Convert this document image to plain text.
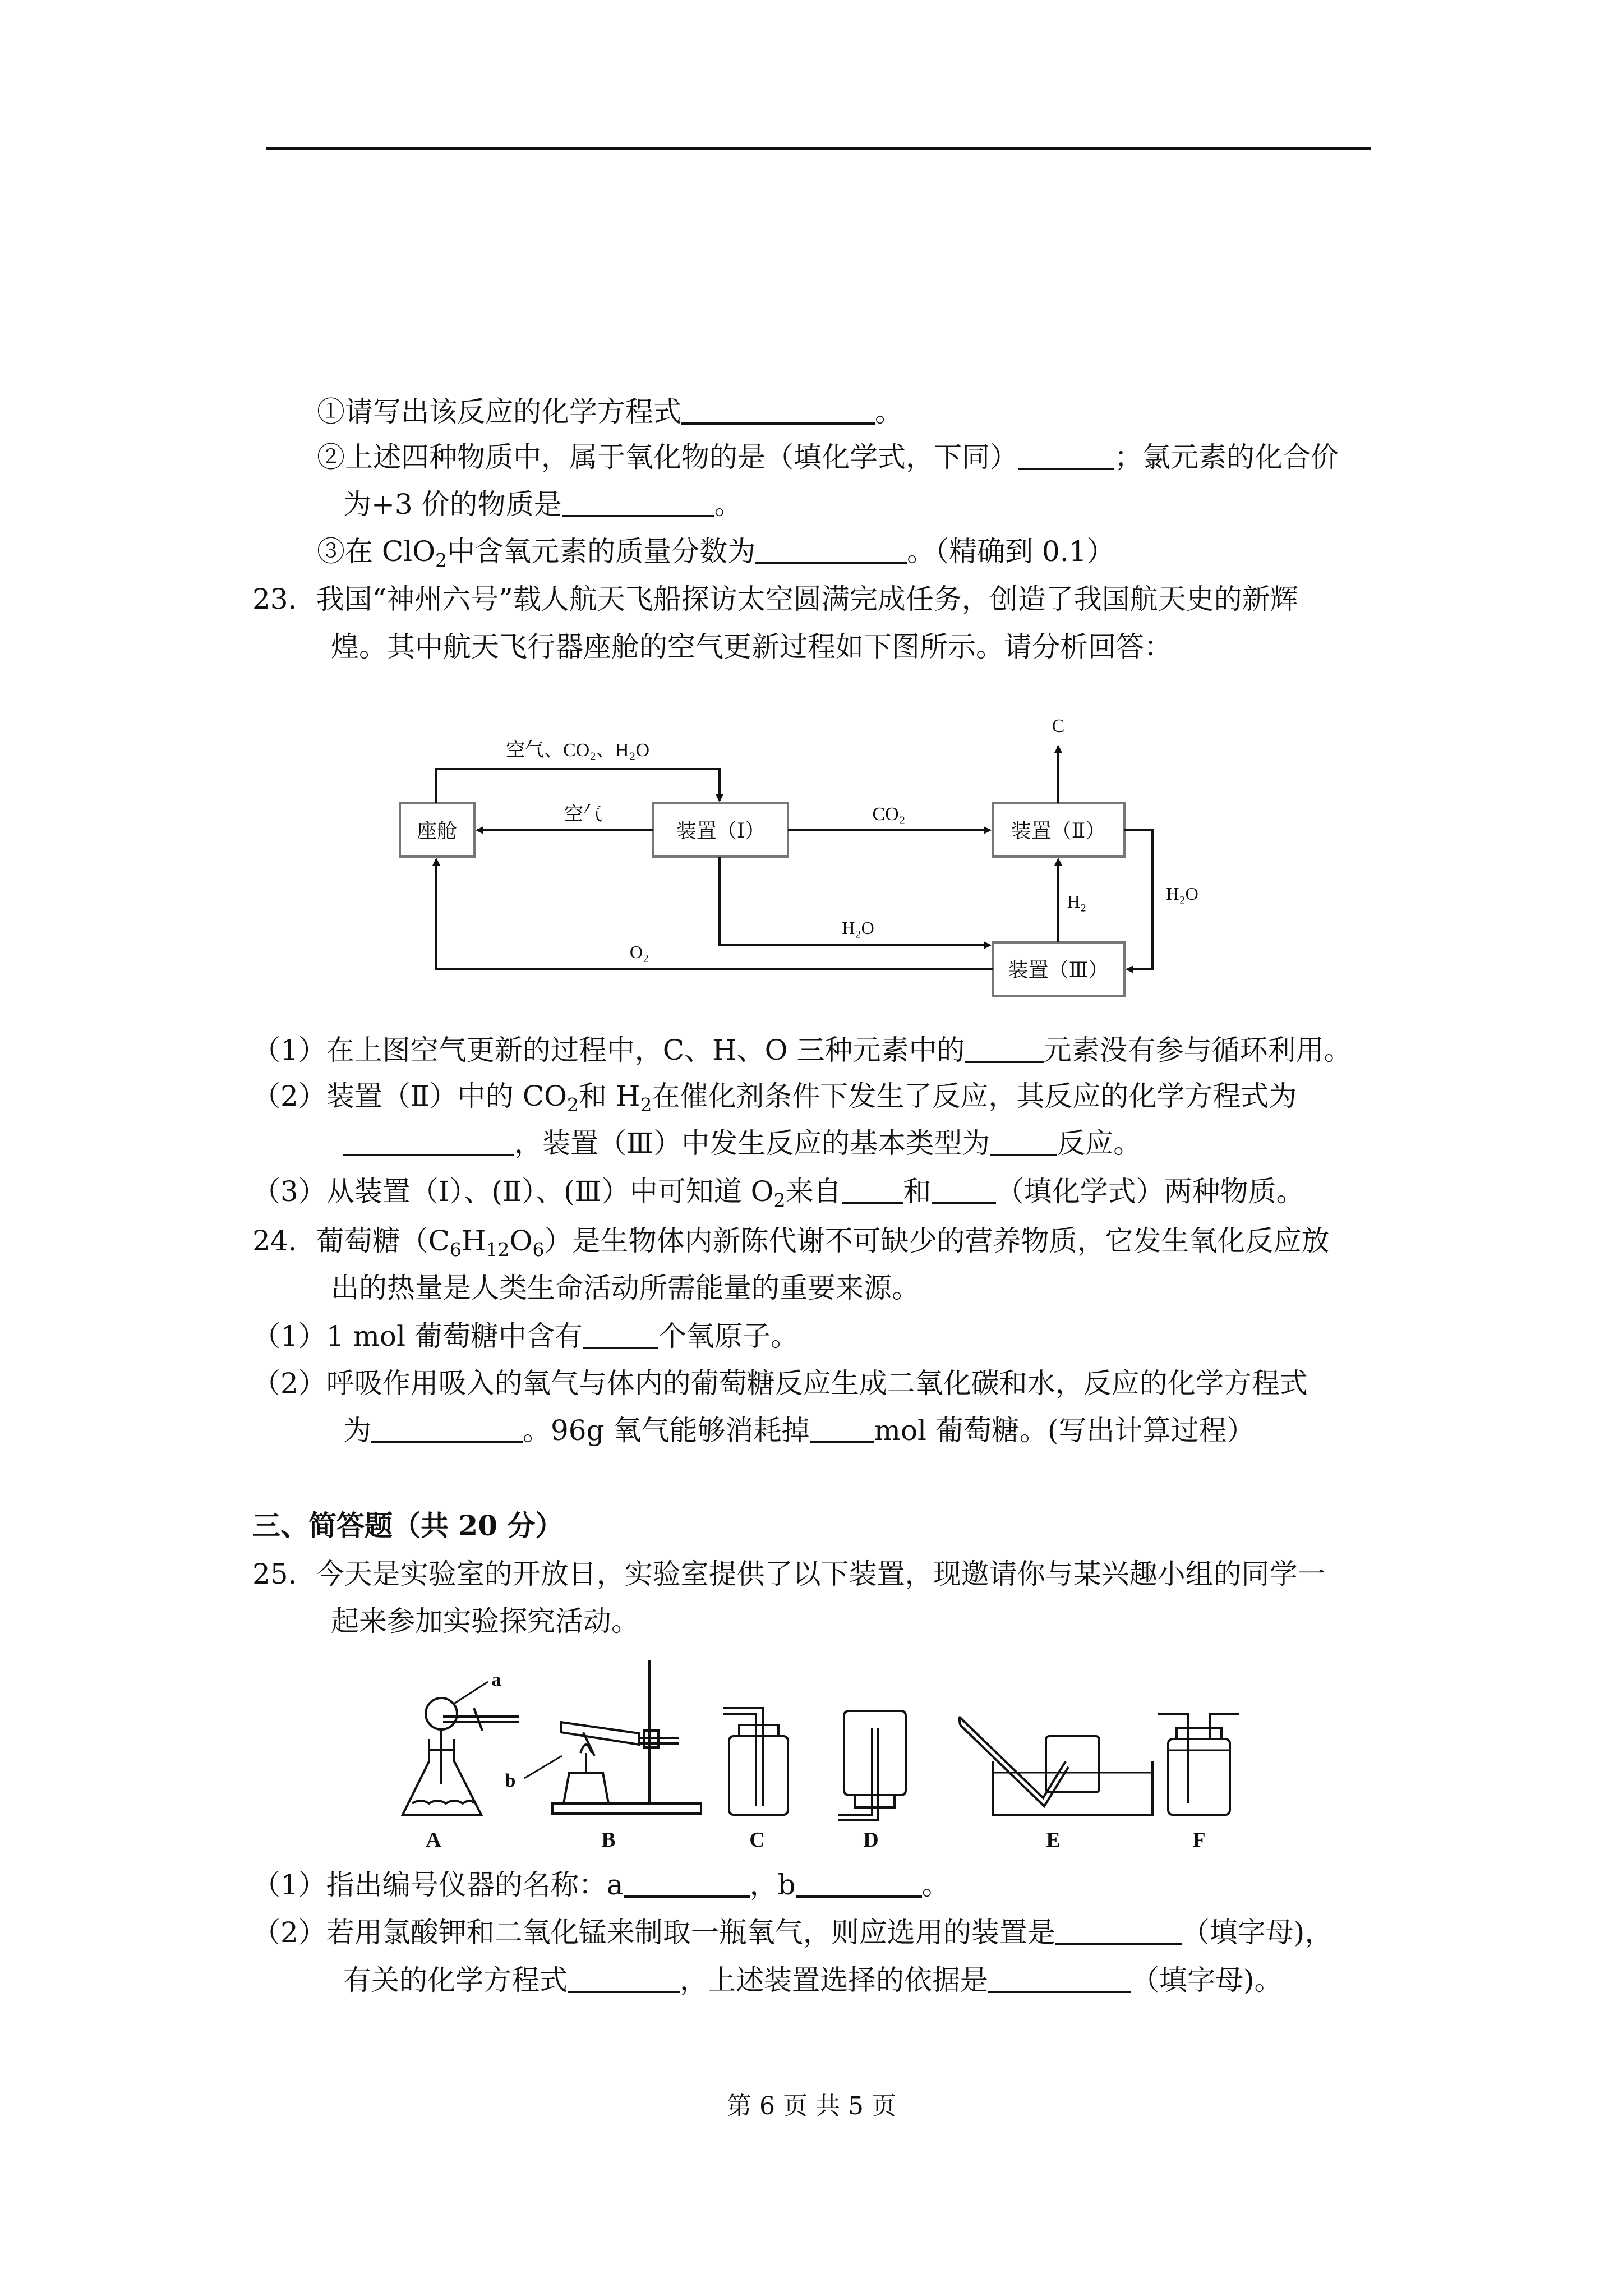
①请写出该反应的化学方程式	。
②上述四种物质中，属于氧化物的是（填化学式，下同）	；氯元素的化合价
为+3 价的物质是	。
③在 ClO$_2$中含氧元素的质量分数为	。（精确到 0.1）
23．我国“神州六号”载人航天飞船探访太空圆满完成任务，创造了我国航天史的新辉
煌。其中航天飞行器座舱的空气更新过程如下图所示。请分析回答：
座舱	装置（Ⅰ）	装置（Ⅱ）
装置（Ⅲ）
空气、CO₂、H₂O
空气	CO₂
C
H₂	H₂O
H₂O
O₂
（1）在上图空气更新的过程中，C、H、O 三种元素中的	元素没有参与循环利用。
（2）装置（Ⅱ）中的 $CO_2$和 $H_2$在催化剂条件下发生了反应，其反应的化学方程式为
，装置（Ⅲ）中发生反应的基本类型为 反应。
（3）从装置（I）、(Ⅱ）、(Ⅲ）中可知道 $O_2$来自 和 （填化学式）两种物质。
24．葡萄糖$(C_6H_{12}O_6)$是生物体内新陈代谢不可缺少的营养物质，它发生氧化反应放
出的热量是人类生命活动所需能量的重要来源。
（1）1 mol 葡萄糖中含有	个氧原子。
（2）呼吸作用吸入的氧气与体内的葡萄糖反应生成二氧化碳和水，反应的化学方程式
为	。96g 氧气能够消耗掉 mol 葡萄糖。(写出计算过程）
三、简答题（共 20 分）
25．今天是实验室的开放日，实验室提供了以下装置，现邀请你与某兴趣小组的同学一
起来参加实验探究活动。
A	B	C	D	E	F
a
b
（1）指出编号仪器的名称：a	，b	。
（2）若用氯酸钾和二氧化锰来制取一瓶氧气，则应选用的装置是	（填字母)，
有关的化学方程式	，上述装置选择的依据是	（填字母)。
第 6 页 共 5 页
